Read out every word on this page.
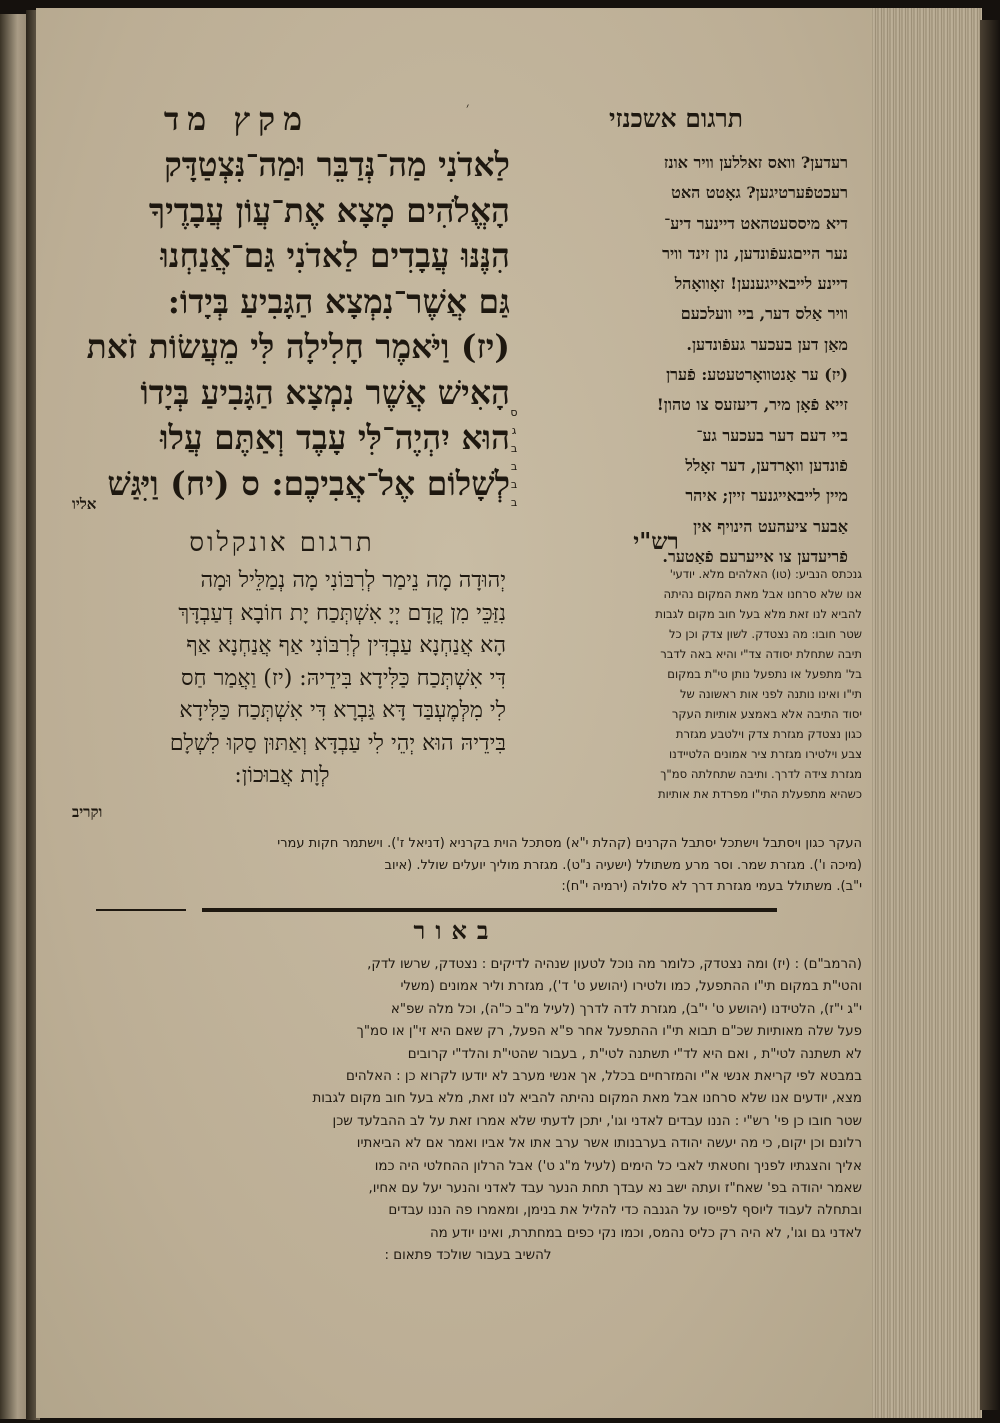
תרגום אשכנזי
׳
מקץ מד
לַאדֹנִי מַה־נְּדַבֵּר וּמַה־נִּצְטַדָּק
הָאֱלֹהִים מָצָא אֶת־עֲוֹן עֲבָדֶיךָ
הִנֶּנּוּ עֲבָדִים לַאדֹנִי גַּם־אֲנַחְנוּ
גַּם אֲשֶׁר־נִמְצָא הַגָּבִיעַ בְּיָדוֹ:
(יז) וַיֹּאמֶר חָלִילָה לִּי מֵעֲשׂוֹת זֹאת
הָאִישׁ אֲשֶׁר נִמְצָא הַגָּבִיעַ בְּיָדוֹ
הוּא יִהְיֶה־לִּי עָבֶד וְאַתֶּם עֲלוּ
לְשָׁלוֹם אֶל־אֲבִיכֶם: ס (יח) וַיִּגַּשׁ
ס
ג
ב
ב
ב
ב
אליו
רעדען? וואס זאללען וויר אונז
רעכטפֿערטיגען? גאָטט האט
דיא מיססעטהאט דיינער דיע־
נער הייםגעפֿונדען, נון זינד וויר
דיינע לייבאייגענען! זאָוואָהל
וויר אַלס דער, ביי וועלכעם
מאַן דען בעכער געפֿונדען.
(יז) ער אַנטוואָרטעטע: פֿערן
זייא פֿאָן מיר, דיעזעס צו טהון!
ביי דעם דער בעכער גע־
פֿונדען וואָרדען, דער זאָלל
מיין לייבאייגנער זיין; איהר
אַבער ציעהעט הינויף אין
פֿריעדען צו אייערעם פֿאַטער.
תרגום אונקלוס
יְהוּדָה מָה נֵימַר לְרִבּוֹנִי מָה נְמַלֵּיל וּמָה
נִזַּכֵּי מִן קֳדָם יְיָ אִשְׁתְּכַח יָת חוֹבָא דְעַבְדָּךְ
הָא אֲנַחְנָא עַבְדִּין לְרִבּוֹנִי אַף אֲנַחְנָא אַף
דִּי אִשְׁתְּכַח כַּלִּידָא בִּידֵיהּ: (יז) וַאֲמַר חַס
לִי מִלְּמֶעְבַּד דָּא גַּבְרָא דִּי אִשְׁתְּכַח כַּלִּידָא
בִּידֵיהּ הוּא יְהֵי לִי עַבְדָּא וְאַתּוּן סַקוּ לִשְׁלָם
לְוָת אֲבוּכוֹן:
וקריב
רש"י
גנכתס הנביע: (טו) האלהים מלא. יודעי'
אנו שלא סרחנו אבל מאת המקום נהיתה
להביא לנו זאת מלא בעל חוב מקום לגבות
שטר חובו: מה נצטדק. לשון צדק וכן כל
תיבה שתחלת יסודה צד"י והיא באה לדבר
בל' מתפעל או נתפעל נותן טי"ת במקום
תי"ו ואינו נותנה לפני אות ראשונה של
יסוד התיבה אלא באמצע אותיות העקר
כגון נצטדק מגזרת צדק וילטבע מגזרת
צבע וילטירו מגזרת ציר אמונים הלטיידנו
מגזרת צידה לדרך. ותיבה שתחלתה סמ"ך
כשהיא מתפעלת התי"ו מפרדת את אותיות
העקר כגון ויסתבל וישתכל יסתבל הקרנים (קהלת י"א) מסתכל הוית בקרניא (דניאל ז'). וישתמר חקות עמרי
(מיכה ו'). מגזרת שמר. וסר מרע משתולל (ישעיה נ"ט). מגזרת מוליך יועלים שולל. (איוב
י"ב). משתולל בעמי מגזרת דרך לא סלולה (ירמיה י"ח):
באור
(הרמב"ם) : (יז) ומה נצטדק, כלומר מה נוכל לטעון שנהיה לדיקים : נצטדק, שרשו לדק,
והטי"ת במקום תי"ו ההתפעל, כמו ולטירו (יהושע ט' ד'), מגזרת וליר אמונים (משלי
י"ג י"ז), הלטידנו (יהושע ט' י"ב), מגזרת לדה לדרך (לעיל מ"ב כ"ה), וכל מלה שפ"א
פעל שלה מאותיות שכ"ם תבוא תי"ו ההתפעל אחר פ"א הפעל, רק שאם היא זי"ן או סמ"ך
לא תשתנה לטי"ת , ואם היא לד"י תשתנה לטי"ת , בעבור שהטי"ת והלד"י קרובים
במבטא לפי קריאת אנשי א"י והמזרחיים בכלל, אך אנשי מערב לא יודעו לקרוא כן : האלהים
מצא, יודעים אנו שלא סרחנו אבל מאת המקום נהיתה להביא לנו זאת, מלא בעל חוב מקום לגבות
שטר חובו כן פי' רש"י : הננו עבדים לאדני וגו', יתכן לדעתי שלא אמרו זאת על לב ההבלעד שכן
רלונם וכן יקום, כי מה יעשה יהודה בערבנותו אשר ערב אתו אל אביו ואמר אם לא הביאתיו
אליך והצגתיו לפניך וחטאתי לאבי כל הימים (לעיל מ"ג ט') אבל הרלון ההחלטי היה כמו
שאמר יהודה בפ' שאח"ז ועתה ישב נא עבדך תחת הנער עבד לאדני והנער יעל עם אחיו,
ובתחלה לעבוד ליוסף לפייסו על הגנבה כדי להליל את בנימן, ומאמרו פה הננו עבדים
לאדני גם וגו', לא היה רק כליס נהמס, וכמו נקי כפים במחתרת, ואינו יודע מה
להשיב בעבור שולכד פתאום :
